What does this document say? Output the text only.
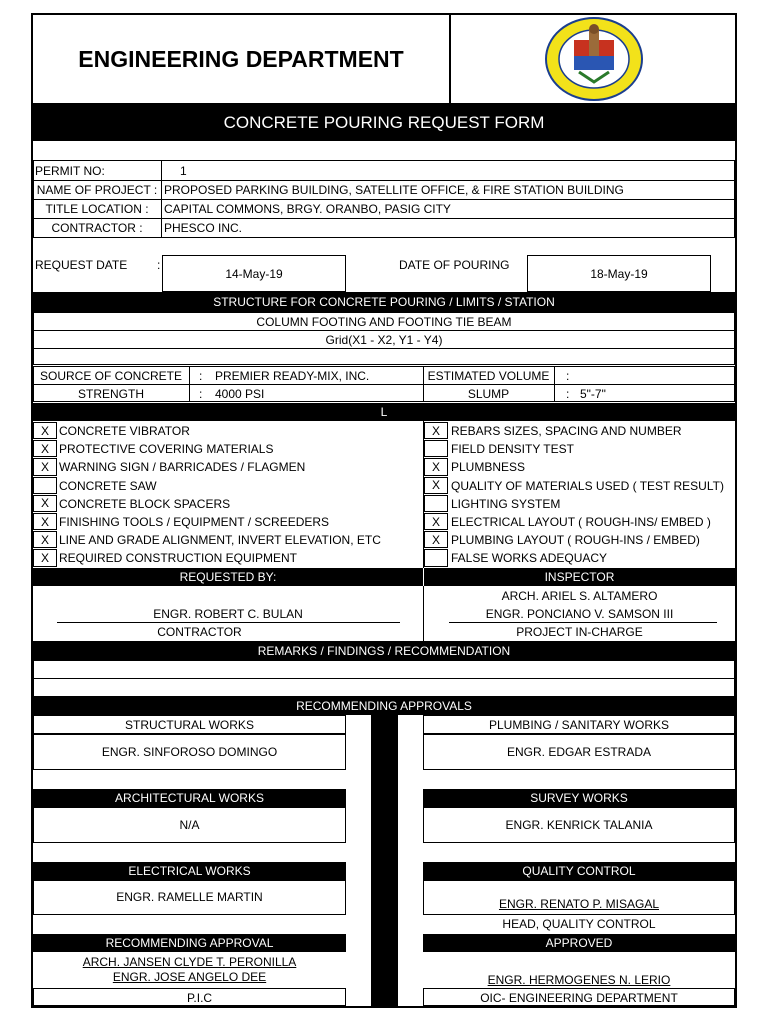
ENGINEERING DEPARTMENT
CONCRETE POURING REQUEST FORM
PERMIT NO:	1
NAME OF PROJECT : PROPOSED PARKING BUILDING, SATELLITE OFFICE, & FIRE STATION BUILDING
TITLE LOCATION :	CAPITAL COMMONS, BRGY. ORANBO, PASIG CITY
CONTRACTOR :	PHESCO INC.
REQUEST DATE :
14-May-19
DATE OF POURING
18-May-19
STRUCTURE FOR CONCRETE POURING / LIMITS / STATION
COLUMN FOOTING AND FOOTING TIE BEAM
Grid(X1 - X2, Y1 - Y4)
SOURCE OF CONCRETE	: PREMIER READY-MIX, INC.	ESTIMATED VOLUME	:
STRENGTH	: 4000 PSI	SLUMP	: 5"-7"
L
X CONCRETE VIBRATOR
X PROTECTIVE COVERING MATERIALS
X WARNING SIGN / BARRICADES / FLAGMEN
CONCRETE SAW
X CONCRETE BLOCK SPACERS
X FINISHING TOOLS / EQUIPMENT / SCREEDERS
X LINE AND GRADE ALIGNMENT, INVERT ELEVATION, ETC
X REQUIRED CONSTRUCTION EQUIPMENT
X REBARS SIZES, SPACING AND NUMBER
FIELD DENSITY TEST
X PLUMBNESS
X QUALITY OF MATERIALS USED ( TEST RESULT)
LIGHTING SYSTEM
X ELECTRICAL LAYOUT ( ROUGH-INS/ EMBED )
X PLUMBING LAYOUT ( ROUGH-INS / EMBED)
FALSE WORKS ADEQUACY
REQUESTED BY:	INSPECTOR
ENGR. ROBERT C. BULAN
CONTRACTOR
ARCH. ARIEL S. ALTAMERO
ENGR. PONCIANO V. SAMSON III
PROJECT IN-CHARGE
REMARKS / FINDINGS / RECOMMENDATION
RECOMMENDING APPROVALS
STRUCTURAL WORKS
ENGR. SINFOROSO DOMINGO
PLUMBING / SANITARY WORKS
ENGR. EDGAR ESTRADA
ARCHITECTURAL WORKS
N/A
SURVEY WORKS
ENGR. KENRICK TALANIA
ELECTRICAL WORKS
ENGR. RAMELLE MARTIN
QUALITY CONTROL
ENGR. RENATO P. MISAGAL
HEAD, QUALITY CONTROL
RECOMMENDING APPROVAL
ARCH. JANSEN CLYDE T. PERONILLA
ENGR. JOSE ANGELO DEE
P.I.C
APPROVED
ENGR. HERMOGENES N. LERIO
OIC- ENGINEERING DEPARTMENT
